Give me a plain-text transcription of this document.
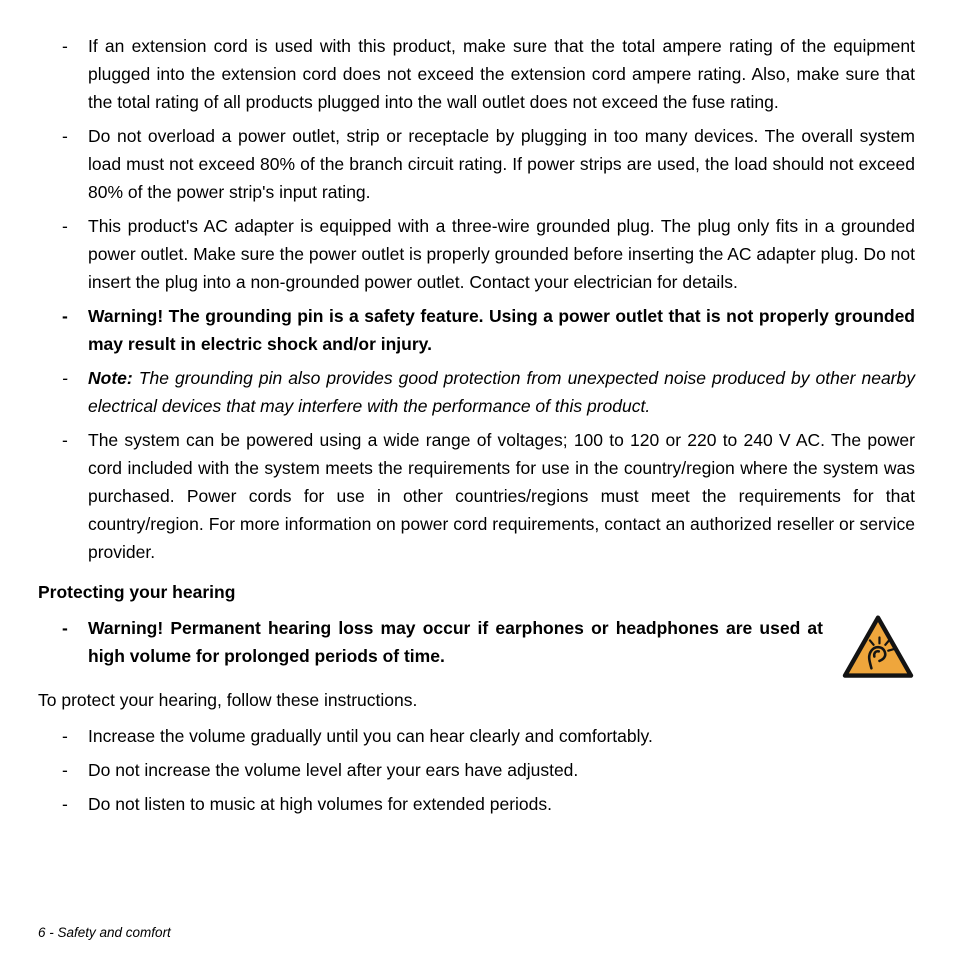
-	If an extension cord is used with this product, make sure that the total ampere rating of the equipment plugged into the extension cord does not exceed the extension cord ampere rating. Also, make sure that the total rating of all products plugged into the wall outlet does not exceed the fuse rating.
-	Do not overload a power outlet, strip or receptacle by plugging in too many devices. The overall system load must not exceed 80% of the branch circuit rating. If power strips are used, the load should not exceed 80% of the power strip's input rating.
-	This product's AC adapter is equipped with a three-wire grounded plug. The plug only fits in a grounded power outlet. Make sure the power outlet is properly grounded before inserting the AC adapter plug. Do not insert the plug into a non-grounded power outlet. Contact your electrician for details.
-	Warning! The grounding pin is a safety feature. Using a power outlet that is not properly grounded may result in electric shock and/or injury.
-	Note: The grounding pin also provides good protection from unexpected noise produced by other nearby electrical devices that may interfere with the performance of this product.
-	The system can be powered using a wide range of voltages; 100 to 120 or 220 to 240 V AC. The power cord included with the system meets the requirements for use in the country/region where the system was purchased. Power cords for use in other countries/regions must meet the requirements for that country/region. For more information on power cord requirements, contact an authorized reseller or service provider.
Protecting your hearing
-	Warning! Permanent hearing loss may occur if earphones or headphones are used at high volume for prolonged periods of time.
To protect your hearing, follow these instructions.
-	Increase the volume gradually until you can hear clearly and comfortably.
-	Do not increase the volume level after your ears have adjusted.
-	Do not listen to music at high volumes for extended periods.
6 - Safety and comfort
